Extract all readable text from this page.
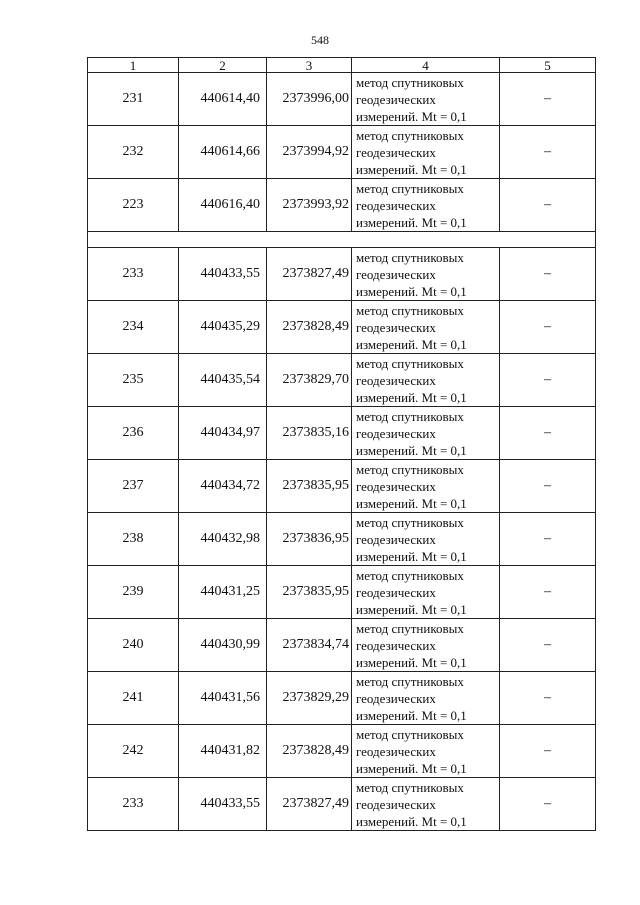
548
1	2	3	4	5
231	440614,40	2373996,00	метод спутниковых геодезических измерений. Mt = 0,1	–
232	440614,66	2373994,92	метод спутниковых геодезических измерений. Mt = 0,1	–
223	440616,40	2373993,92	метод спутниковых геодезических измерений. Mt = 0,1	–

233	440433,55	2373827,49	метод спутниковых геодезических измерений. Mt = 0,1	–
234	440435,29	2373828,49	метод спутниковых геодезических измерений. Mt = 0,1	–
235	440435,54	2373829,70	метод спутниковых геодезических измерений. Mt = 0,1	–
236	440434,97	2373835,16	метод спутниковых геодезических измерений. Mt = 0,1	–
237	440434,72	2373835,95	метод спутниковых геодезических измерений. Mt = 0,1	–
238	440432,98	2373836,95	метод спутниковых геодезических измерений. Mt = 0,1	–
239	440431,25	2373835,95	метод спутниковых геодезических измерений. Mt = 0,1	–
240	440430,99	2373834,74	метод спутниковых геодезических измерений. Mt = 0,1	–
241	440431,56	2373829,29	метод спутниковых геодезических измерений. Mt = 0,1	–
242	440431,82	2373828,49	метод спутниковых геодезических измерений. Mt = 0,1	–
233	440433,55	2373827,49	метод спутниковых геодезических измерений. Mt = 0,1	–
